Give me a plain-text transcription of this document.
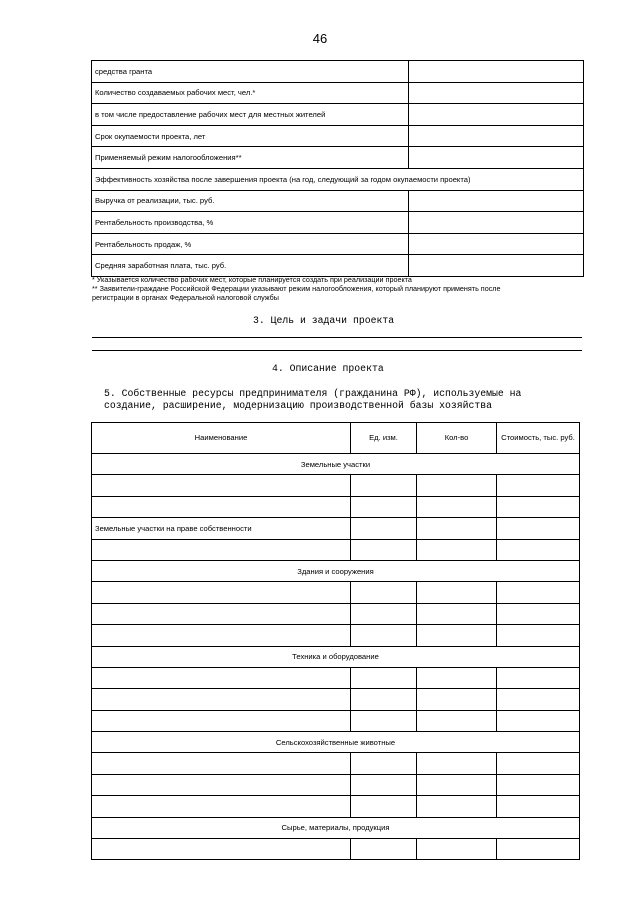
46
средства гранта	
Количество создаваемых рабочих мест, чел.*	
в том числе предоставление рабочих мест для местных жителей	
Срок окупаемости проекта, лет	
Применяемый режим налогообложения**	
Эффективность хозяйства после завершения проекта (на год, следующий за годом окупаемости проекта)	
Выручка от реализации, тыс. руб.	
Рентабельность производства, %	
Рентабельность продаж, %	
Средняя заработная плата, тыс. руб.	
* Указывается количество рабочих мест, которые планируется создать при реализации проекта
** Заявители-граждане Российской Федерации указывают режим налогообложения, который планируют применять после
регистрации в органах Федеральной налоговой службы
3. Цель и задачи проекта
4. Описание проекта
5. Собственные ресурсы предпринимателя (гражданина РФ), используемые на
создание, расширение, модернизацию производственной базы хозяйства
Наименование	Ед. изм.	Кол-во	Стоимость, тыс. руб.
Земельные участки			

Земельные участки на праве собственности			

Здания и сооружения			

Техника и оборудование			

Сельскохозяйственные животные			

Сырье, материалы, продукция			
